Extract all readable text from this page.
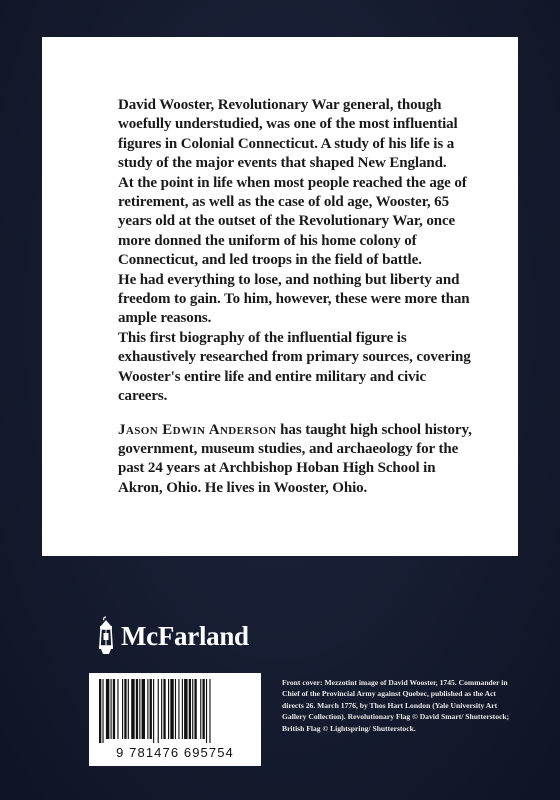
David Wooster, Revolutionary War general, though woefully understudied, was one of the most influential figures in Colonial Connecticut. A study of his life is a study of the major events that shaped New England.

At the point in life when most people reached the age of retirement, as well as the case of old age, Wooster, 65 years old at the outset of the Revolutionary War, once more donned the uniform of his home colony of Connecticut, and led troops in the field of battle.

He had everything to lose, and nothing but liberty and freedom to gain. To him, however, these were more than ample reasons.

This first biography of the influential figure is exhaustively researched from primary sources, covering Wooster's entire life and entire military and civic careers.

Jason Edwin Anderson has taught high school history, government, museum studies, and archaeology for the past 24 years at Archbishop Hoban High School in Akron, Ohio. He lives in Wooster, Ohio.

McFarland
9 781476 695754
Front cover: Mezzotint image of David Wooster, 1745. Commander in Chief of the Provincial Army against Quebec, published as the Act directs 26. March 1776, by Thos Hart London (Yale University Art Gallery Collection). Revolutionary Flag © David Smart/ Shutterstock; British Flag © Lightspring/ Shutterstock.
